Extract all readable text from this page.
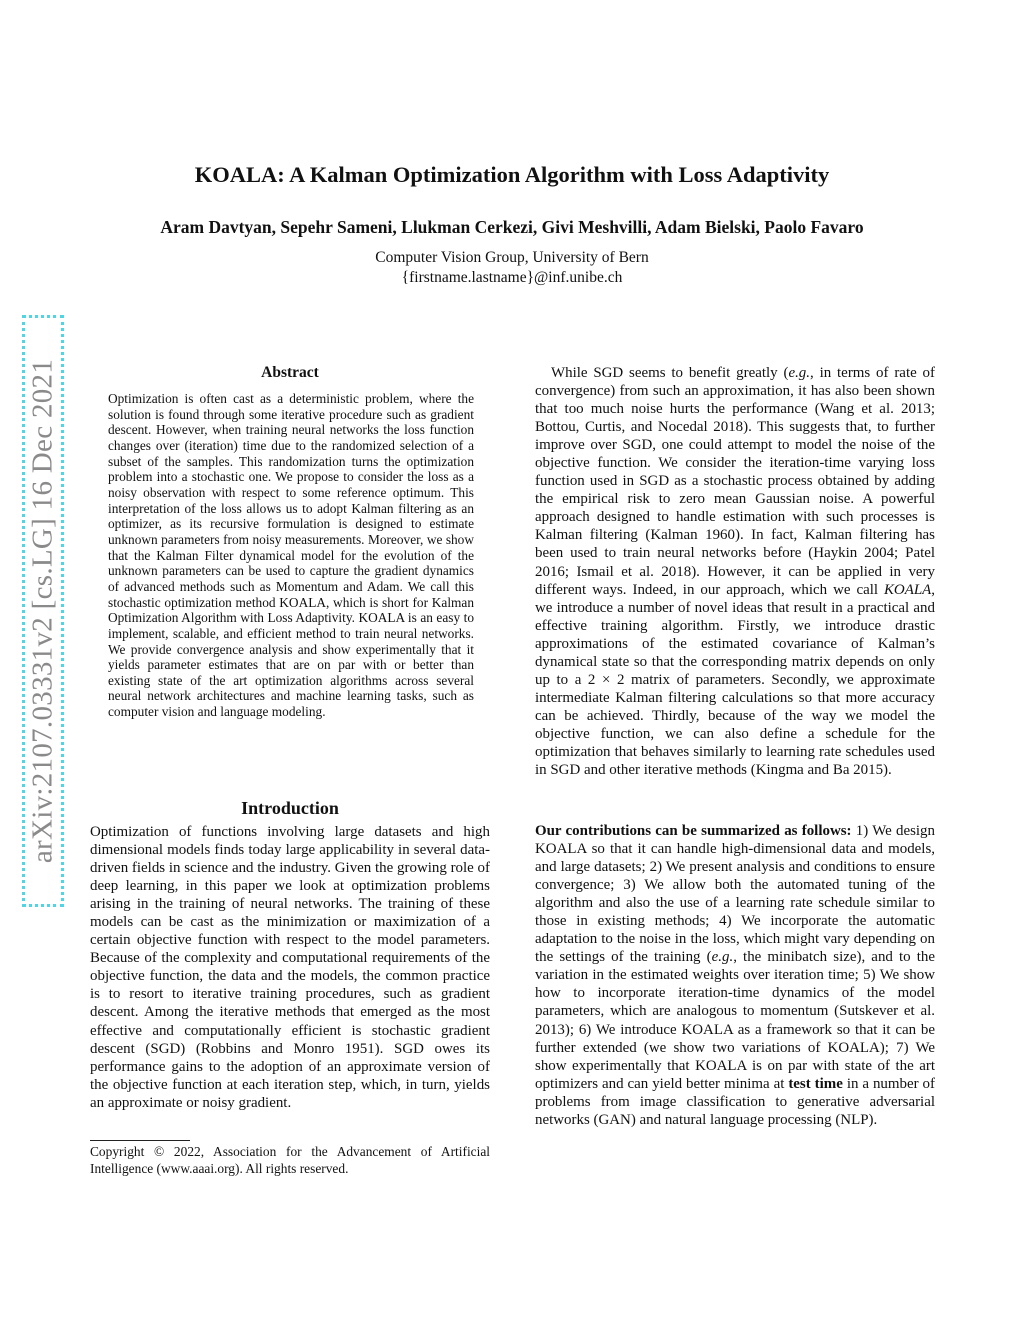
KOALA: A Kalman Optimization Algorithm with Loss Adaptivity
Aram Davtyan, Sepehr Sameni, Llukman Cerkezi, Givi Meshvilli, Adam Bielski, Paolo Favaro
Computer Vision Group, University of Bern
{firstname.lastname}@inf.unibe.ch
arXiv:2107.03331v2 [cs.LG] 16 Dec 2021	Abstract
Optimization is often cast as a deterministic problem, where the solution is found through some iterative procedure such as gradient descent. However, when training neural networks the loss function changes over (iteration) time due to the randomized selection of a subset of the samples. This randomization turns the optimization problem into a stochastic one. We propose to consider the loss as a noisy observation with respect to some reference optimum. This interpretation of the loss allows us to adopt Kalman filtering as an optimizer, as its recursive formulation is designed to estimate unknown parameters from noisy measurements. Moreover, we show that the Kalman Filter dynamical model for the evolution of the unknown parameters can be used to capture the gradient dynamics of advanced methods such as Momentum and Adam. We call this stochastic optimization method KOALA, which is short for Kalman Optimization Algorithm with Loss Adaptivity. KOALA is an easy to implement, scalable, and efficient method to train neural networks. We provide convergence analysis and show experimentally that it yields parameter estimates that are on par with or better than existing state of the art optimization algorithms across several neural network architectures and machine learning tasks, such as computer vision and language modeling.
Introduction
Optimization of functions involving large datasets and high dimensional models finds today large applicability in several data-driven fields in science and the industry. Given the growing role of deep learning, in this paper we look at optimization problems arising in the training of neural networks. The training of these models can be cast as the minimization or maximization of a certain objective function with respect to the model parameters. Because of the complexity and computational requirements of the objective function, the data and the models, the common practice is to resort to iterative training procedures, such as gradient descent. Among the iterative methods that emerged as the most effective and computationally efficient is stochastic gradient descent (SGD) (Robbins and Monro 1951). SGD owes its performance gains to the adoption of an approximate version of the objective function at each iteration step, which, in turn, yields an approximate or noisy gradient.
Copyright © 2022, Association for the Advancement of Artificial Intelligence (www.aaai.org). All rights reserved.
While SGD seems to benefit greatly (e.g., in terms of rate of convergence) from such an approximation, it has also been shown that too much noise hurts the performance (Wang et al. 2013; Bottou, Curtis, and Nocedal 2018). This suggests that, to further improve over SGD, one could attempt to model the noise of the objective function. We consider the iteration-time varying loss function used in SGD as a stochastic process obtained by adding the empirical risk to zero mean Gaussian noise. A powerful approach designed to handle estimation with such processes is Kalman filtering (Kalman 1960). In fact, Kalman filtering has been used to train neural networks before (Haykin 2004; Patel 2016; Ismail et al. 2018). However, it can be applied in very different ways. Indeed, in our approach, which we call KOALA, we introduce a number of novel ideas that result in a practical and effective training algorithm. Firstly, we introduce drastic approximations of the estimated covariance of Kalman’s dynamical state so that the corresponding matrix depends on only up to a 2 × 2 matrix of parameters. Secondly, we approximate intermediate Kalman filtering calculations so that more accuracy can be achieved. Thirdly, because of the way we model the objective function, we can also define a schedule for the optimization that behaves similarly to learning rate schedules used in SGD and other iterative methods (Kingma and Ba 2015).
Our contributions can be summarized as follows: 1) We design KOALA so that it can handle high-dimensional data and models, and large datasets; 2) We present analysis and conditions to ensure convergence; 3) We allow both the automated tuning of the algorithm and also the use of a learning rate schedule similar to those in existing methods; 4) We incorporate the automatic adaptation to the noise in the loss, which might vary depending on the settings of the training (e.g., the minibatch size), and to the variation in the estimated weights over iteration time; 5) We show how to incorporate iteration-time dynamics of the model parameters, which are analogous to momentum (Sutskever et al. 2013); 6) We introduce KOALA as a framework so that it can be further extended (we show two variations of KOALA); 7) We show experimentally that KOALA is on par with state of the art optimizers and can yield better minima at test time in a number of problems from image classification to generative adversarial networks (GAN) and natural language processing (NLP).
